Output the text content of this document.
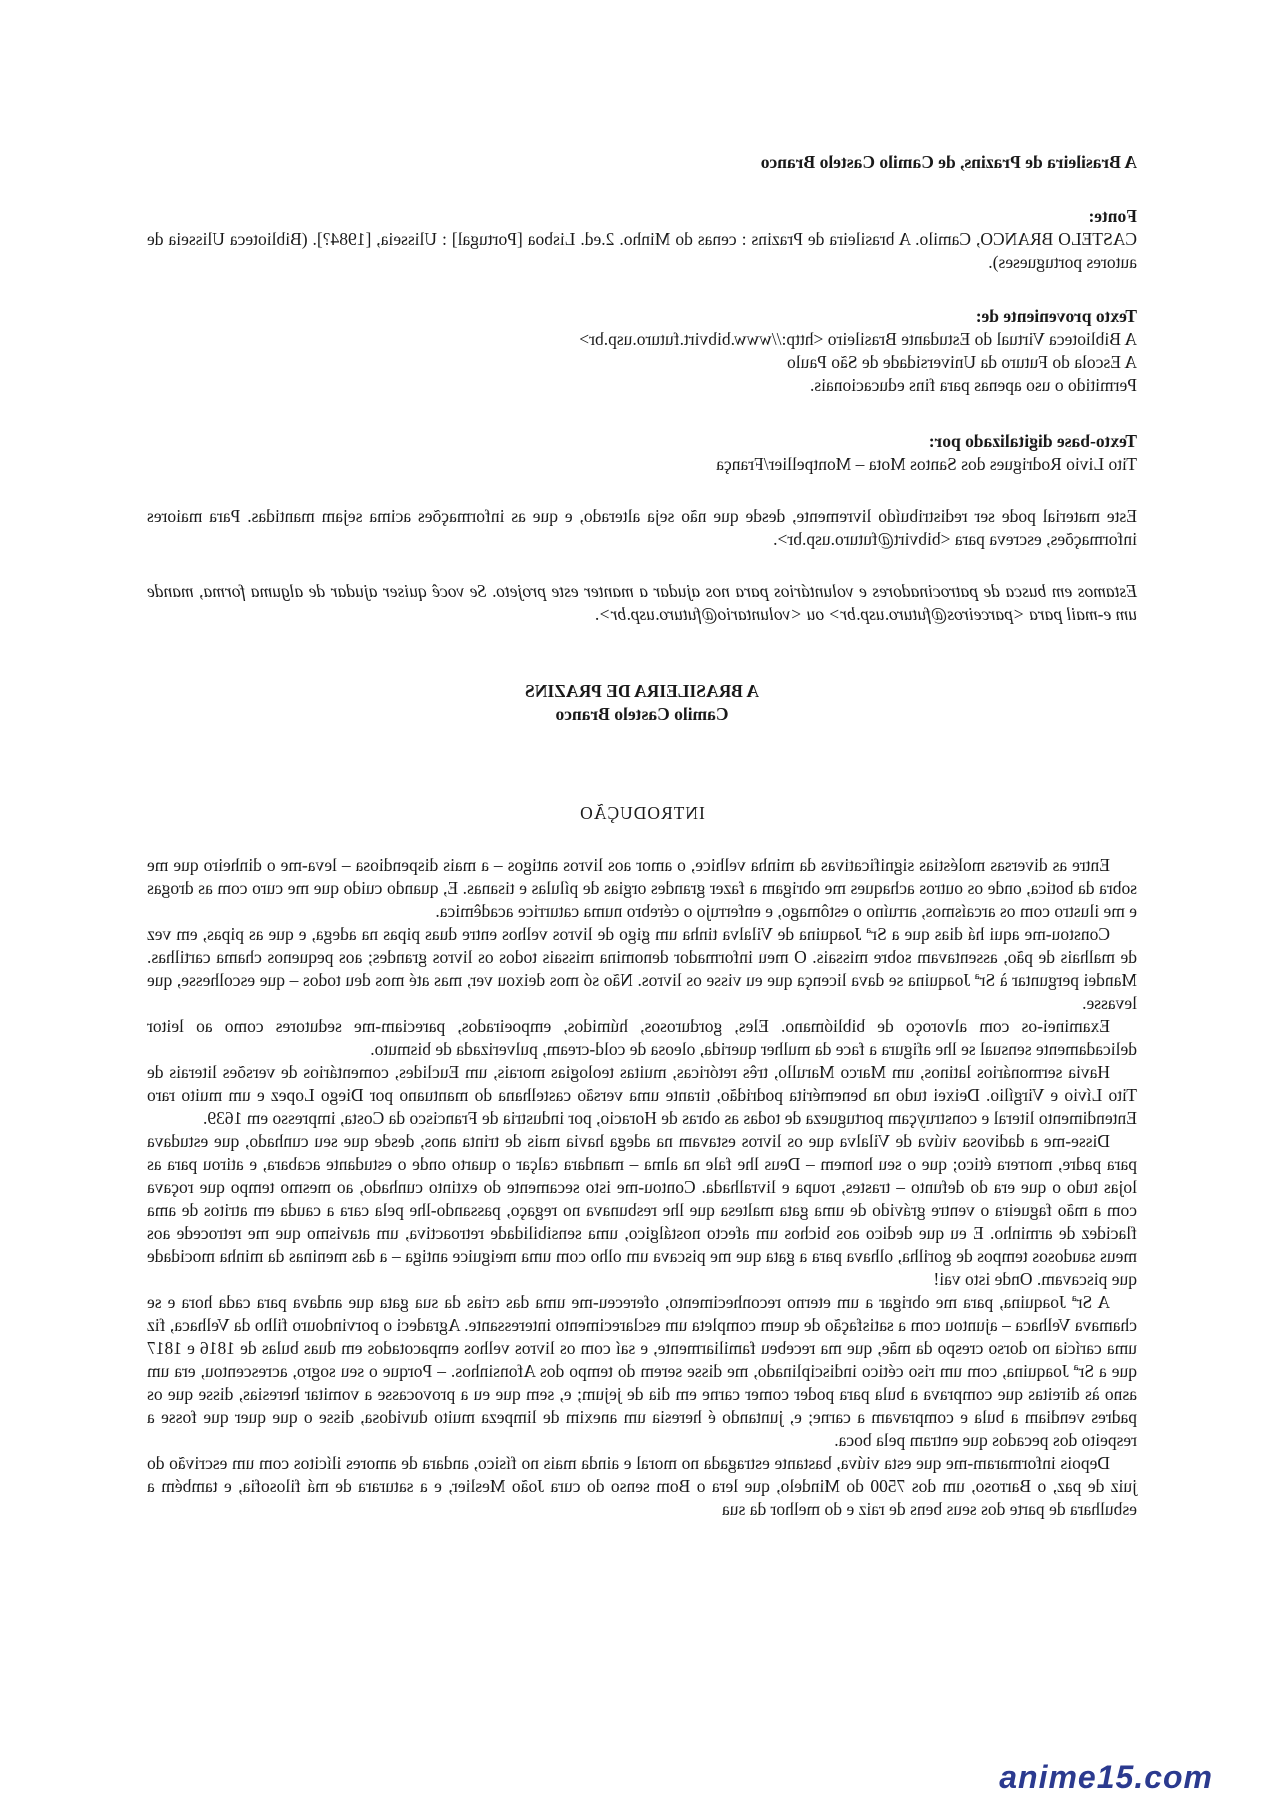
A Brasileira de Prazins, de Camilo Castelo Branco
Fonte:
CASTELO BRANCO, Camilo. A brasileira de Prazins : cenas do Minho. 2.ed. Lisboa [Portugal] : Ulisseia, [1984?]. (Biblioteca Ulisseia de autores portugueses).
Texto proveniente de:
A Biblioteca Virtual do Estudante Brasileiro <http://www.bibvirt.futuro.usp.br>
A Escola do Futuro da Universidade de São Paulo
Permitido o uso apenas para fins educacionais.
Texto-base digitalizado por:
Tito Livio Rodrigues dos Santos Mota – Montpellier/França
Este material pode ser redistribuído livremente, desde que não seja alterado, e que as informações acima sejam mantidas. Para maiores informações, escreva para <bibvirt@futuro.usp.br>.
Estamos em busca de patrocinadores e voluntários para nos ajudar a manter este projeto. Se você quiser ajudar de alguma forma, mande um e-mail para <parceiros@futuro.usp.br> ou <voluntario@futuro.usp.br>.
A BRASILEIRA DE PRAZINS
Camilo Castelo Branco
INTRODUÇÃO

Entre as diversas moléstias significativas da minha velhice, o amor aos livros antigos – a mais dispendiosa – leva-me o dinheiro que me sobra da botica, onde os outros achaques me obrigam a fazer grandes orgias de pílulas e tisanas. E, quando cuido que me curo com as drogas e me ilustro com os arcaísmos, arruíno o estômago, e enferrujo o cérebro numa caturrice acadêmica.

Constou-me aqui há dias que a Srª Joaquina de Vilalva tinha um gigo de livros velhos entre duas pipas na adega, e que as pipas, em vez de malhais de pão, assentavam sobre missais. O meu informador denomina missais todos os livros grandes; aos pequenos chama cartilhas. Mandei perguntar à Srª Joaquina se dava licença que eu visse os livros. Não só mos deixou ver, mas até mos deu todos – que escolhesse, que levasse.

Examinei-os com alvoroço de bibliómano. Eles, gordurosos, húmidos, empoeirados, pareciam-me sedutores como ao leitor delicadamente sensual se lhe afigura a face da mulher querida, oleosa de cold-cream, pulverizada de bismuto.

Havia sermonários latinos, um Marco Marullo, três retóricas, muitas teologias morais, um Euclides, comentários de versões literais de Tito Lívio e Virgílio. Deixei tudo na benemérita podridão, tirante uma versão castelhana do mantuano por Diego Lopez e um muito raro Entendimento literal e construyçam portugueza de todas as obras de Horacio, por industria de Francisco da Costa, impresso em 1639.

Disse-me a dadivosa viúva de Vilalva que os livros estavam na adega havia mais de trinta anos, desde que seu cunhado, que estudava para padre, morrera ético; que o seu homem – Deus lhe fale na alma – mandara calçar o quarto onde o estudante acabara, e atirou para as lojas tudo o que era do defunto – trastes, roupa e livralhada. Contou-me isto secamente do extinto cunhado, ao mesmo tempo que roçava com a mão fagueira o ventre grávido de uma gata maltesa que lhe resbunava no regaço, passando-lhe pela cara a cauda em atritos de ama flacidez de arminho. E eu que dedico aos bichos um afecto nostálgico, uma sensibilidade retroactiva, um atavismo que me retrocede aos meus saudosos tempos de gorilha, olhava para a gata que me piscava um olho com uma meiguice antiga – a das meninas da minha mocidade que piscavam. Onde isto vai!

A Srª Joaquina, para me obrigar a um eterno reconhecimento, ofereceu-me uma das crias da sua gata que andava para cada hora e se chamava Velhaca – ajuntou com a satisfação de quem completa um esclarecimento interessante. Agradeci o porvindouro filho da Velhaca, fiz uma carícia no dorso crespo da mãe, que ma recebeu familiarmente, e saí com os livros velhos empacotados em duas bulas de 1816 e 1817 que a Srª Joaquina, com um riso cético indisciplinado, me disse serem do tempo dos Afonsinhos. – Porque o seu sogro, acrescentou, era um asno às direitas que comprava a bula para poder comer carne em dia de jejum; e, sem que eu a provocasse a vomitar heresias, disse que os padres vendiam a bula e compravam a carne; e, juntando é heresia um anexim de limpeza muito duvidosa, disse o que quer que fosse a respeito dos pecados que entram pela boca.

Depois informaram-me que esta viúva, bastante estragada no moral e ainda mais no físico, andara de amores ilícitos com um escrivão do juiz de paz, o Barroso, um dos 7500 do Mindelo, que lera o Bom senso do cura João Meslier, e a saturara de má filosofia, e também a esbulhara de parte dos seus bens de raiz e do melhor da sua

anime15.com
